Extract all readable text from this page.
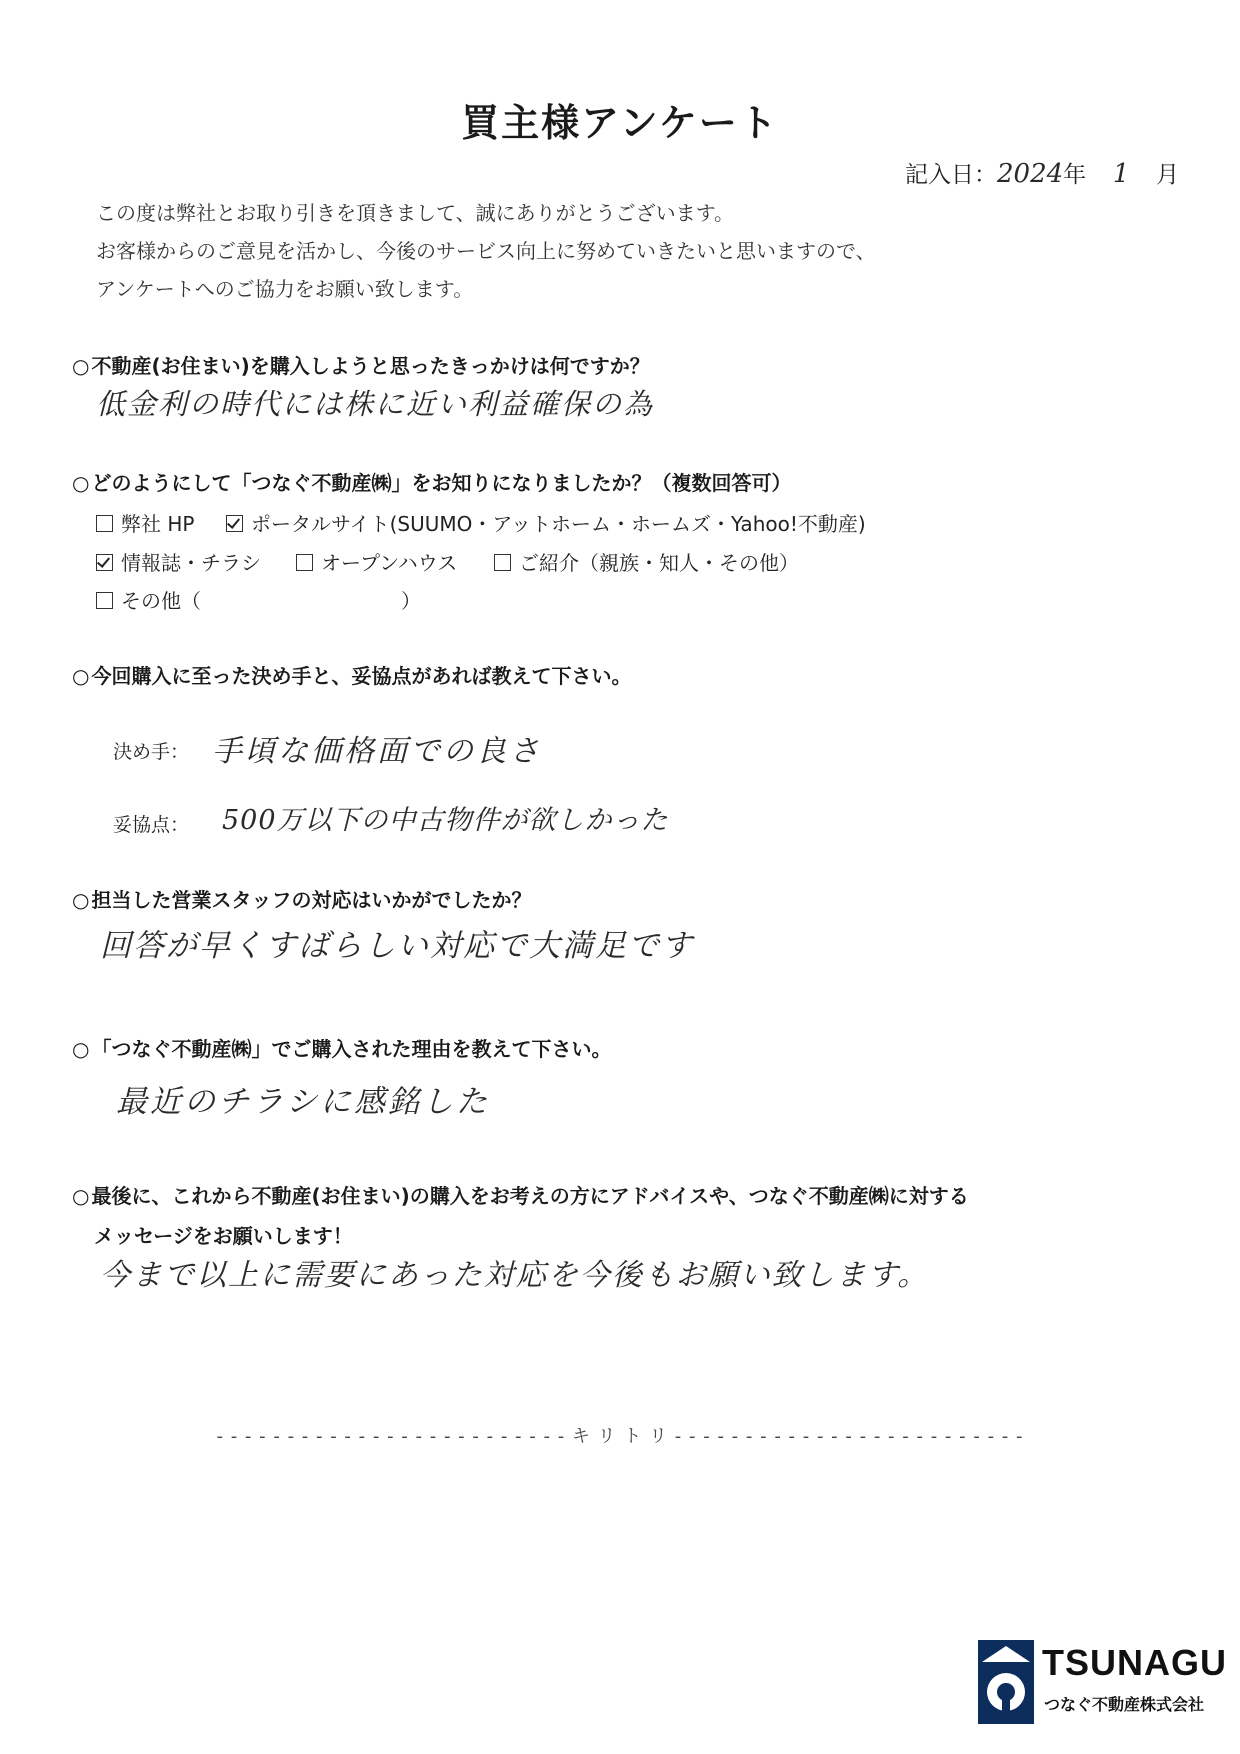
買主様アンケート
記入日：2024年 1 月
この度は弊社とお取り引きを頂きまして、誠にありがとうございます。
お客様からのご意見を活かし、今後のサービス向上に努めていきたいと思いますので、
アンケートへのご協力をお願い致します。
○ 不動産(お住まい)を購入しようと思ったきっかけは何ですか？
低金利の時代には株に近い利益確保の為
○ どのようにして「つなぐ不動産㈱」をお知りになりましたか？（複数回答可）
弊社 HP	ポータルサイト(SUUMO・アットホーム・ホームズ・Yahoo!不動産)
情報誌・チラシ	オープンハウス	ご紹介（親族・知人・その他）
その他（	）
○ 今回購入に至った決め手と、妥協点があれば教えて下さい。
決め手： 手頃な価格面での良さ
妥協点： 500万以下の中古物件が欲しかった
○ 担当した営業スタッフの対応はいかがでしたか？
回答が早くすばらしい対応で大満足です
○ 「つなぐ不動産㈱」でご購入された理由を教えて下さい。
最近のチラシに感銘した
○ 最後に、これから不動産(お住まい)の購入をお考えの方にアドバイスや、つなぐ不動産㈱に対する
メッセージをお願いします！
今まで以上に需要にあった対応を今後もお願い致します。
- - - - - - - - - - - - - - - - - - - - - - - - - キ リ ト リ - - - - - - - - - - - - - - - - - - - - - - - - -
TSUNAGU
つなぐ不動産株式会社
